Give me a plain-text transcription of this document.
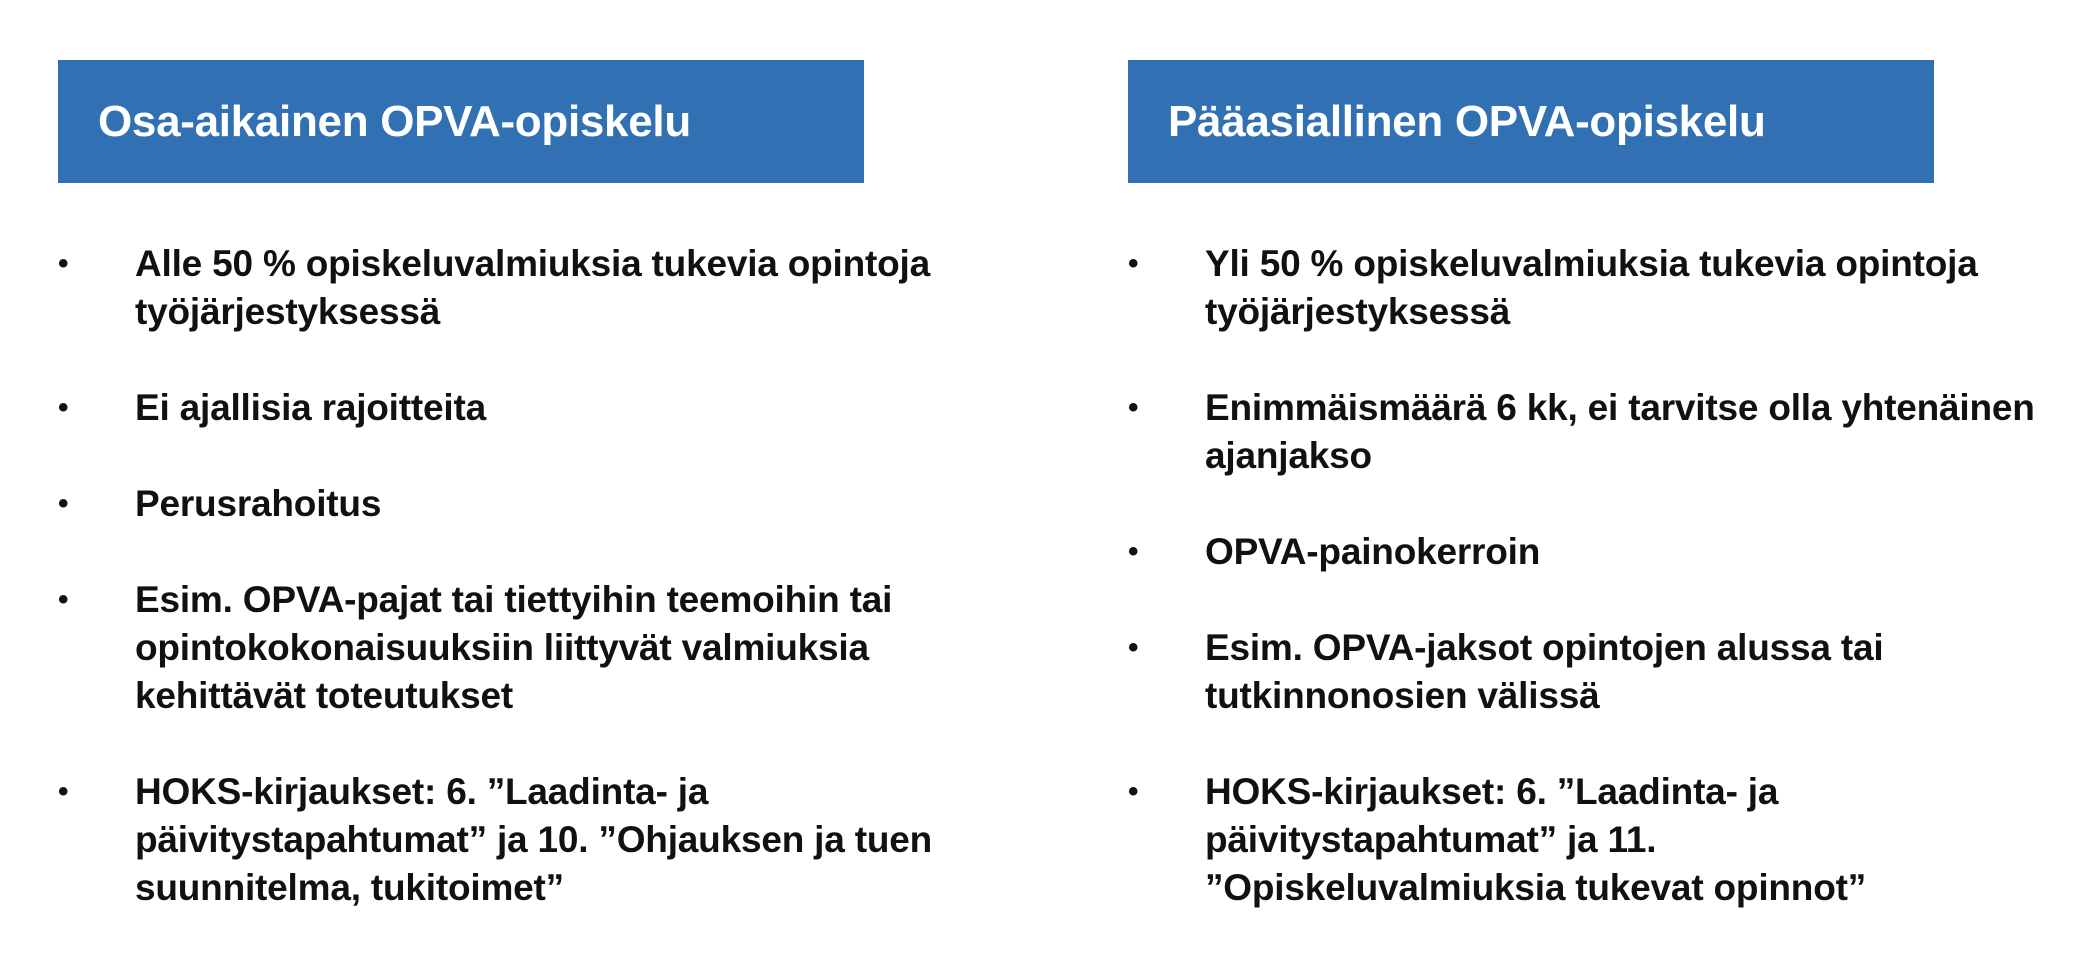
Osa-aikainen OPVA-opiskelu
• Alle 50 % opiskeluvalmiuksia tukevia opintoja työjärjestyksessä
• Ei ajallisia rajoitteita
• Perusrahoitus
• Esim. OPVA-pajat tai tiettyihin teemoihin tai opintokokonaisuuksiin liittyvät valmiuksia kehittävät toteutukset
• HOKS-kirjaukset: 6. ”Laadinta- ja päivitystapahtumat” ja 10. ”Ohjauksen ja tuen suunnitelma, tukitoimet”
Pääasiallinen OPVA-opiskelu
• Yli 50 % opiskeluvalmiuksia tukevia opintoja työjärjestyksessä
• Enimmäismäärä 6 kk, ei tarvitse olla yhtenäinen ajanjakso
• OPVA-painokerroin
• Esim. OPVA-jaksot opintojen alussa tai tutkinnonosien välissä
• HOKS-kirjaukset: 6. ”Laadinta- ja päivitystapahtumat” ja 11. ”Opiskeluvalmiuksia tukevat opinnot”
